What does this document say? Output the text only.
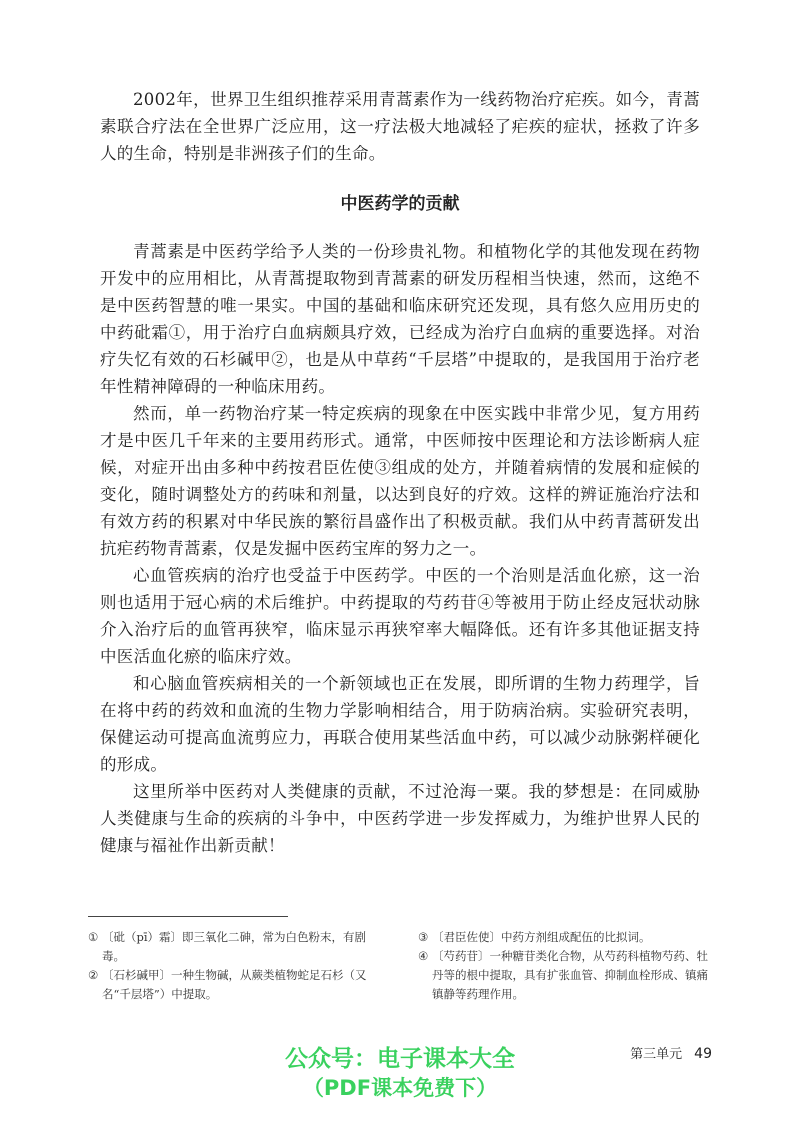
2002年，世界卫生组织推荐采用青蒿素作为一线药物治疗疟疾。如今，青蒿素联合疗法在全世界广泛应用，这一疗法极大地减轻了疟疾的症状，拯救了许多人的生命，特别是非洲孩子们的生命。

中医药学的贡献

青蒿素是中医药学给予人类的一份珍贵礼物。和植物化学的其他发现在药物开发中的应用相比，从青蒿提取物到青蒿素的研发历程相当快速，然而，这绝不是中医药智慧的唯一果实。中国的基础和临床研究还发现，具有悠久应用历史的中药砒霜①，用于治疗白血病颇具疗效，已经成为治疗白血病的重要选择。对治疗失忆有效的石杉碱甲②，也是从中草药“千层塔”中提取的，是我国用于治疗老年性精神障碍的一种临床用药。

然而，单一药物治疗某一特定疾病的现象在中医实践中非常少见，复方用药才是中医几千年来的主要用药形式。通常，中医师按中医理论和方法诊断病人症候，对症开出由多种中药按君臣佐使③组成的处方，并随着病情的发展和症候的变化，随时调整处方的药味和剂量，以达到良好的疗效。这样的辨证施治疗法和有效方药的积累对中华民族的繁衍昌盛作出了积极贡献。我们从中药青蒿研发出抗疟药物青蒿素，仅是发掘中医药宝库的努力之一。

心血管疾病的治疗也受益于中医药学。中医的一个治则是活血化瘀，这一治则也适用于冠心病的术后维护。中药提取的芍药苷④等被用于防止经皮冠状动脉介入治疗后的血管再狭窄，临床显示再狭窄率大幅降低。还有许多其他证据支持中医活血化瘀的临床疗效。

和心脑血管疾病相关的一个新领域也正在发展，即所谓的生物力药理学，旨在将中药的药效和血流的生物力学影响相结合，用于防病治病。实验研究表明，保健运动可提高血流剪应力，再联合使用某些活血中药，可以减少动脉粥样硬化的形成。

这里所举中医药对人类健康的贡献，不过沧海一粟。我的梦想是：在同威胁人类健康与生命的疾病的斗争中，中医药学进一步发挥威力，为维护世界人民的健康与福祉作出新贡献！

① 〔砒（pī）霜〕即三氧化二砷，常为白色粉末，有剧毒。
② 〔石杉碱甲〕一种生物碱，从蕨类植物蛇足石杉（又名“千层塔”）中提取。
③ 〔君臣佐使〕中药方剂组成配伍的比拟词。
④ 〔芍药苷〕一种糖苷类化合物，从芍药科植物芍药、牡丹等的根中提取，具有扩张血管、抑制血栓形成、镇痛镇静等药理作用。
第三单元 49
公众号：电子课本大全
（PDF课本免费下）
